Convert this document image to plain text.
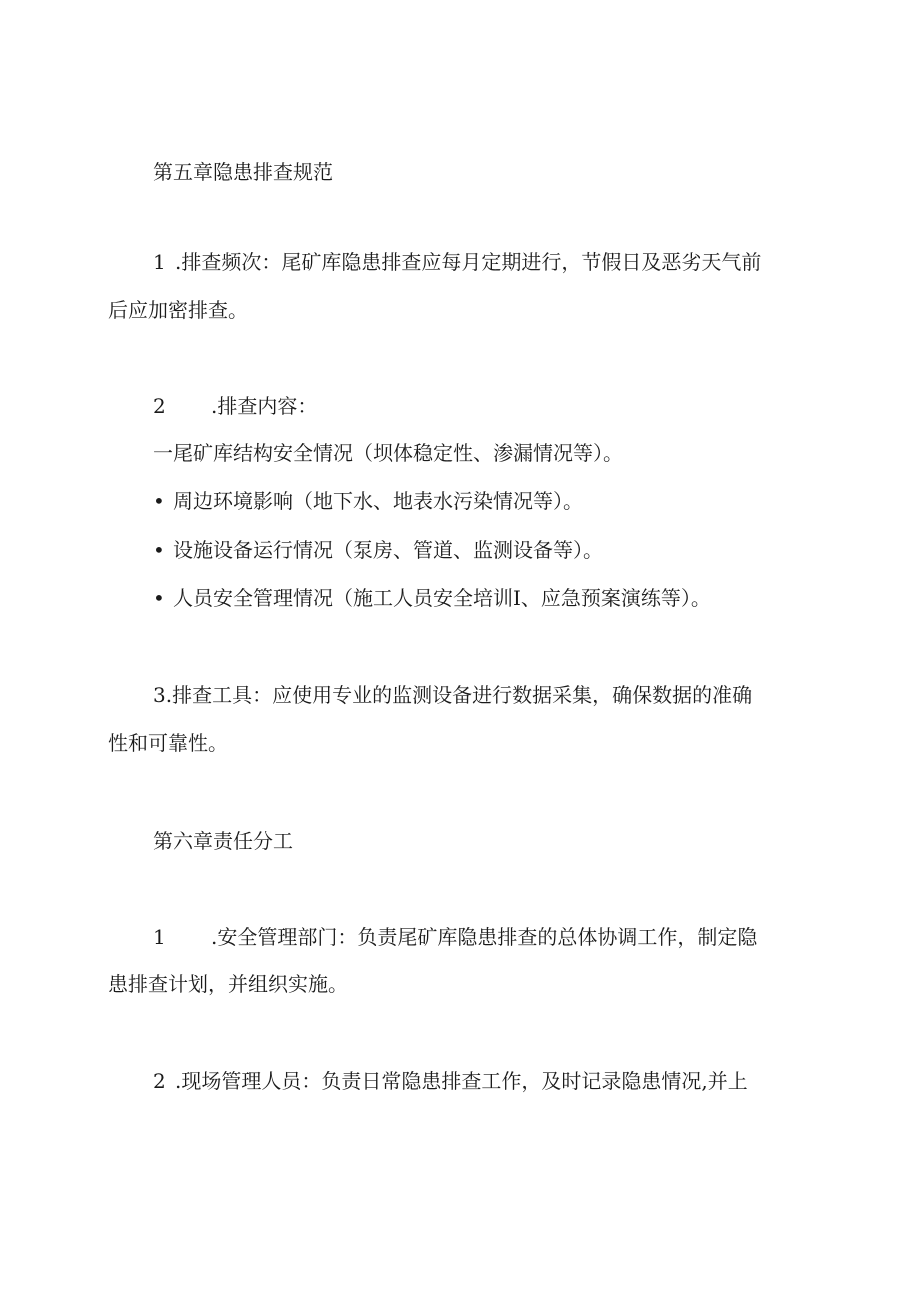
第五章隐患排查规范

1 .排查频次：尾矿库隐患排查应每月定期进行，节假日及恶劣天气前

后应加密排查。

2 .排查内容：

一尾矿库结构安全情况（坝体稳定性、渗漏情况等）。

• 周边环境影响（地下水、地表水污染情况等）。

• 设施设备运行情况（泵房、管道、监测设备等）。

• 人员安全管理情况（施工人员安全培训I、应急预案演练等）。

3.排查工具：应使用专业的监测设备进行数据采集，确保数据的准确

性和可靠性。

第六章责任分工

1 .安全管理部门：负责尾矿库隐患排查的总体协调工作，制定隐

患排查计划，并组织实施。

2 .现场管理人员：负责日常隐患排查工作，及时记录隐患情况,并上
